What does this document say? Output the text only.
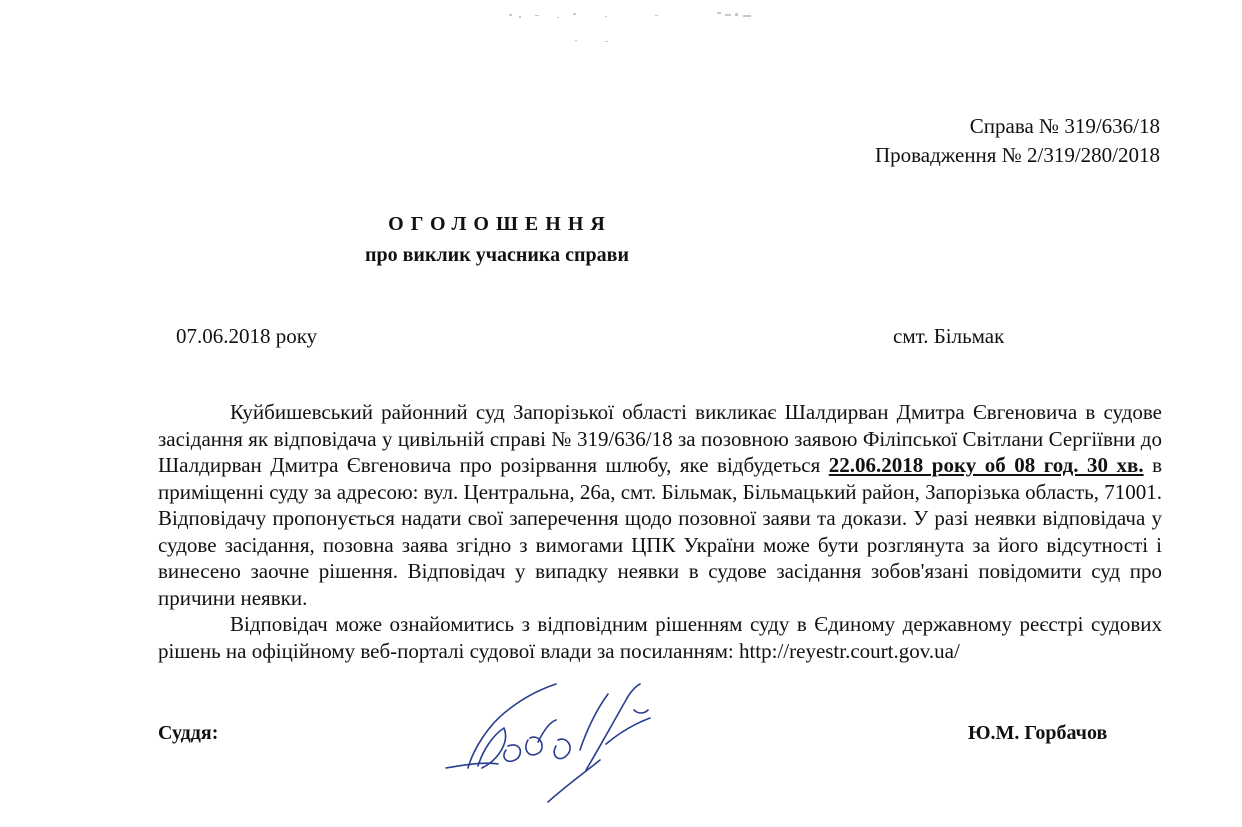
Справа № 319/636/18
Провадження № 2/319/280/2018
ОГОЛОШЕННЯ
про виклик учасника справи
07.06.2018 року	смт. Більмак

Куйбишевський районний суд Запорізької області викликає Шалдирван Дмитра Євгеновича в судове засідання як відповідача у цивільній справі № 319/636/18 за позовною заявою Філіпської Світлани Сергіївни до Шалдирван Дмитра Євгеновича про розірвання шлюбу, яке відбудеться 22.06.2018 року об 08 год. 30 хв. в приміщенні суду за адресою: вул. Центральна, 26а, смт. Більмак, Більмацький район, Запорізька область, 71001. Відповідачу пропонується надати свої заперечення щодо позовної заяви та докази. У разі неявки відповідача у судове засідання, позовна заява згідно з вимогами ЦПК України може бути розглянута за його відсутності і винесено заочне рішення. Відповідач у випадку неявки в судове засідання зобов'язані повідомити суд про причини неявки.

Відповідач може ознайомитись з відповідним рішенням суду в Єдиному державному реєстрі судових рішень на офіційному веб-порталі судової влади за посиланням: http://reyestr.court.gov.ua/

Суддя:	Ю.М. Горбачов
